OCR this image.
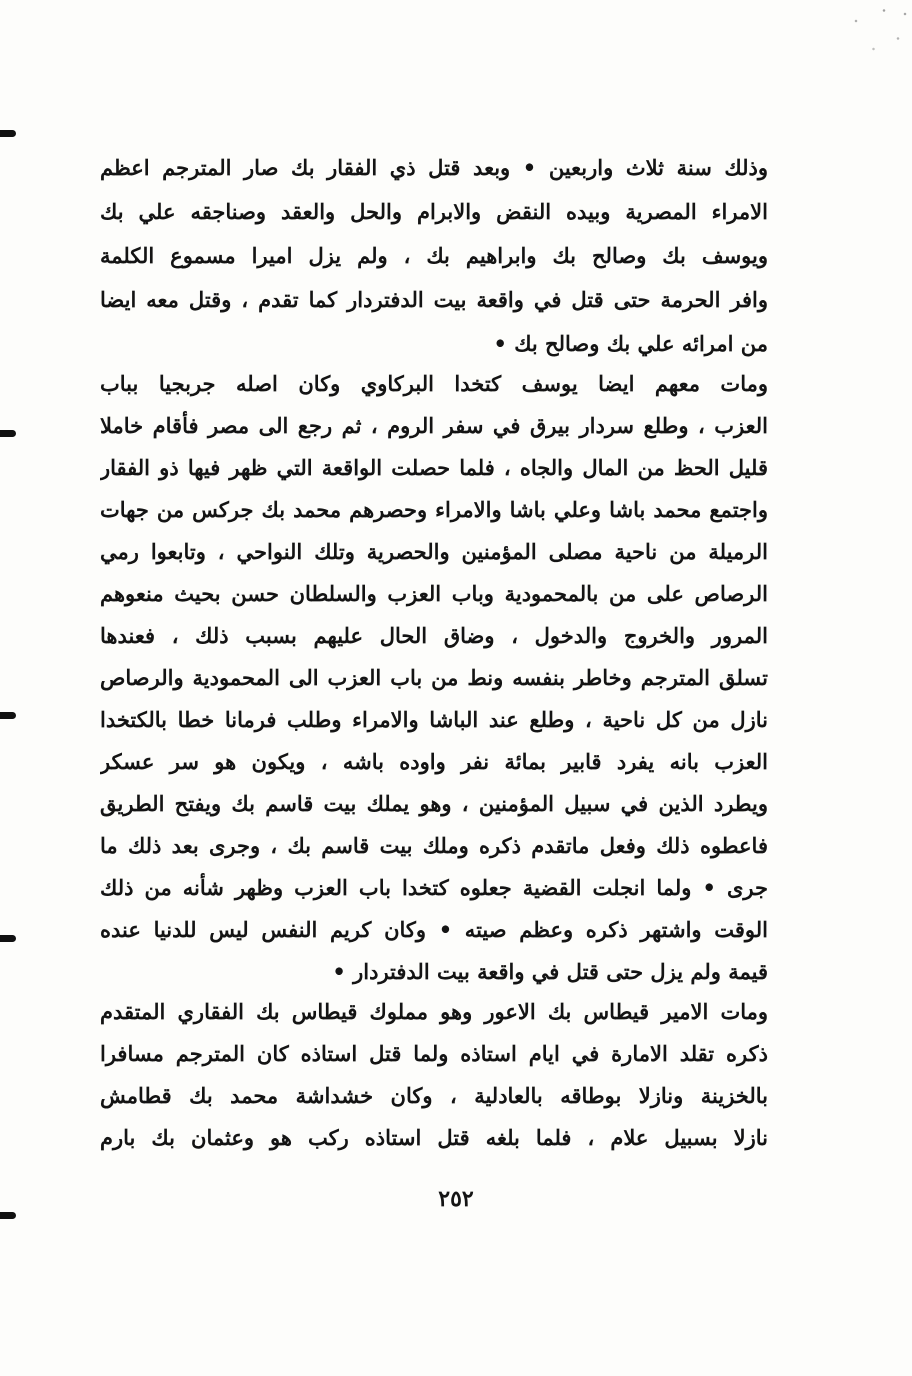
وذلك سنة ثلاث واربعين • وبعد قتل ذي الفقار بك صار المترجم اعظم
الامراء المصرية وبيده النقض والابرام والحل والعقد وصناجقه علي بك
ويوسف بك وصالح بك وابراهيم بك ، ولم يزل اميرا مسموع الكلمة
وافر الحرمة حتى قتل في واقعة بيت الدفتردار كما تقدم ، وقتل معه ايضا
من امرائه علي بك وصالح بك •
ومات معهم ايضا يوسف كتخدا البركاوي وكان اصله جربجيا بباب
العزب ، وطلع سردار بيرق في سفر الروم ، ثم رجع الى مصر فأقام خاملا
قليل الحظ من المال والجاه ، فلما حصلت الواقعة التي ظهر فيها ذو الفقار
واجتمع محمد باشا وعلي باشا والامراء وحصرهم محمد بك جركس من جهات
الرميلة من ناحية مصلى المؤمنين والحصرية وتلك النواحي ، وتابعوا رمي
الرصاص على من بالمحمودية وباب العزب والسلطان حسن بحيث منعوهم
المرور والخروج والدخول ، وضاق الحال عليهم بسبب ذلك ، فعندها
تسلق المترجم وخاطر بنفسه ونط من باب العزب الى المحمودية والرصاص
نازل من كل ناحية ، وطلع عند الباشا والامراء وطلب فرمانا خطا بالكتخدا
العزب بانه يفرد قابير بمائة نفر واوده باشه ، ويكون هو سر عسكر
ويطرد الذين في سبيل المؤمنين ، وهو يملك بيت قاسم بك ويفتح الطريق
فاعطوه ذلك وفعل ماتقدم ذكره وملك بيت قاسم بك ، وجرى بعد ذلك ما
جرى • ولما انجلت القضية جعلوه كتخدا باب العزب وظهر شأنه من ذلك
الوقت واشتهر ذكره وعظم صيته • وكان كريم النفس ليس للدنيا عنده
قيمة ولم يزل حتى قتل في واقعة بيت الدفتردار •
ومات الامير قيطاس بك الاعور وهو مملوك قيطاس بك الفقاري المتقدم
ذكره تقلد الامارة في ايام استاذه ولما قتل استاذه كان المترجم مسافرا
بالخزينة ونازلا بوطاقه بالعادلية ، وكان خشداشة محمد بك قطامش
نازلا بسبيل علام ، فلما بلغه قتل استاذه ركب هو وعثمان بك بارم
٢٥٢
